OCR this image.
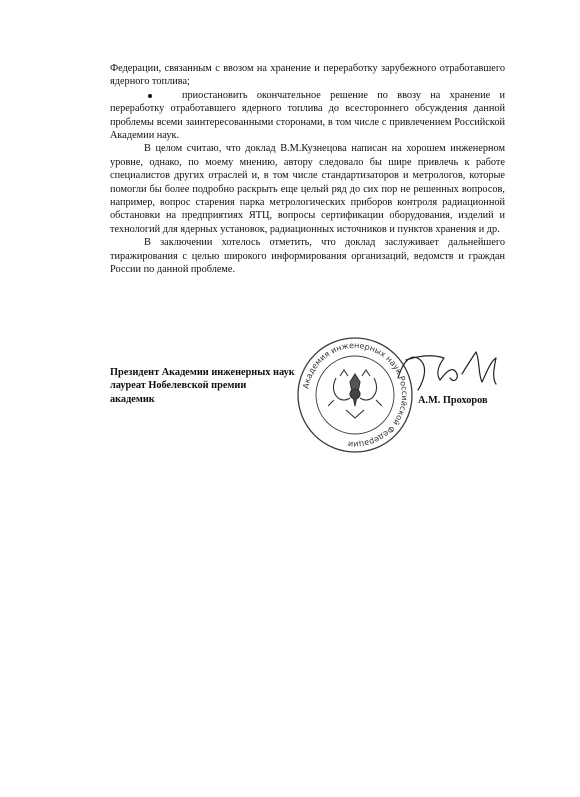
Федерации, связанным с ввозом на хранение и переработку зарубежного отработавшего ядерного топлива;

приостановить окончательное решение по ввозу на хранение и переработку отработавшего ядерного топлива до всестороннего обсуждения данной проблемы всеми заинтересованными сторонами, в том числе с привлечением Российской Академии наук.

В целом считаю, что доклад В.М.Кузнецова написан на хорошем инженерном уровне, однако, по моему мнению, автору следовало бы шире привлечь к работе специалистов других отраслей и, в том числе стандартизаторов и метрологов, которые помогли бы более подробно раскрыть еще целый ряд до сих пор не решенных вопросов, например, вопрос старения парка метрологических приборов контроля радиационной обстановки на предприятиях ЯТЦ, вопросы сертификации оборудования, изделий и технологий для ядерных установок, радиационных источников и пунктов хранения и др.

В заключении хотелось отметить, что доклад заслуживает дальнейшего тиражирования с целью широкого информирования организаций, ведомств и граждан России по данной проблеме.

Академия инженерных наук Российской Федерации
Президент Академии инженерных наук
лауреат Нобелевской премии
академик	А.М. Прохоров
